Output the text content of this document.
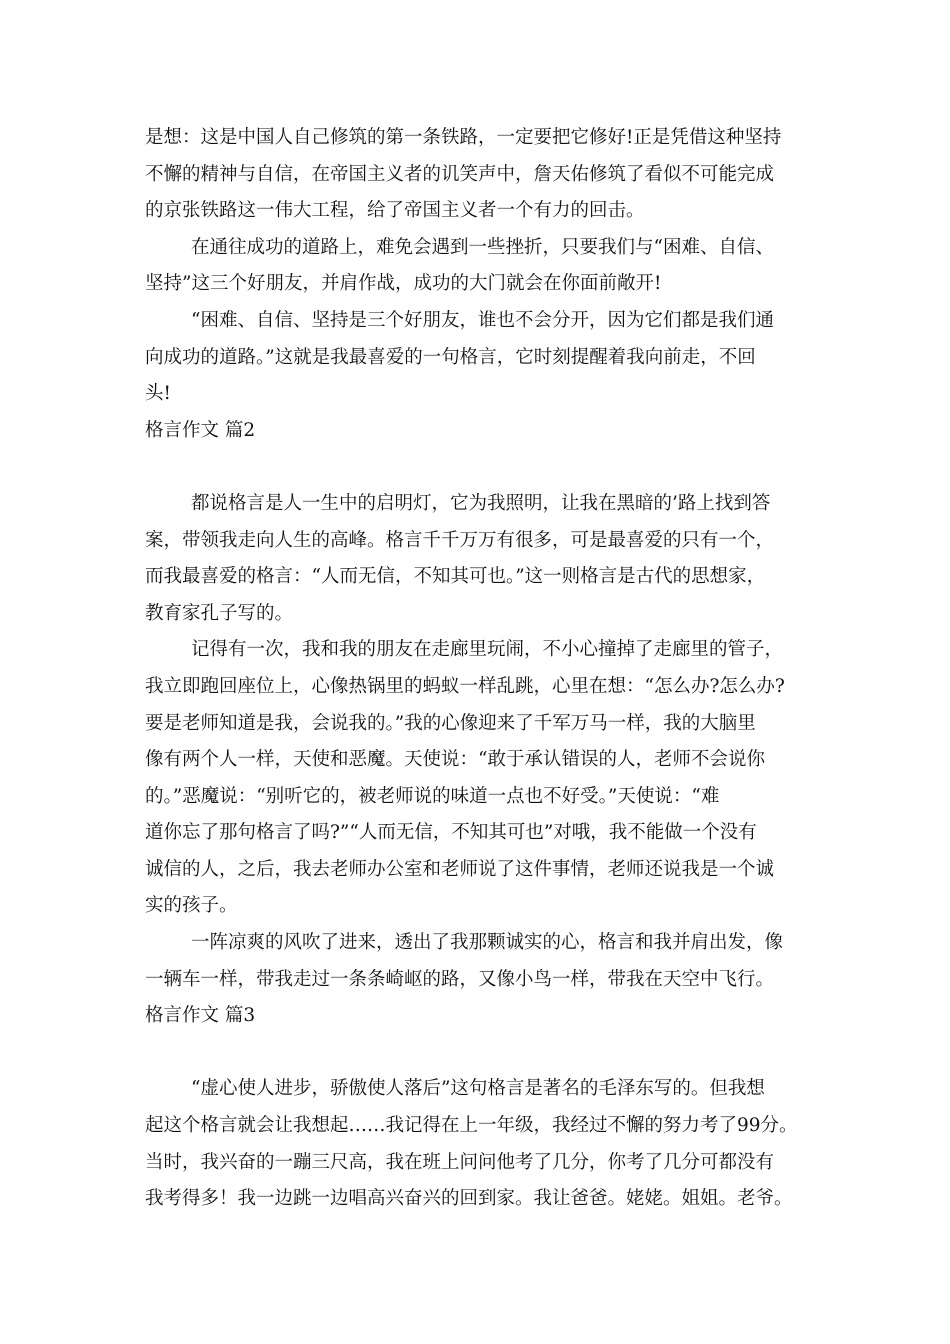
是想：这是中国人自己修筑的第一条铁路，一定要把它修好!正是凭借这种坚持
不懈的精神与自信，在帝国主义者的讥笑声中，詹天佑修筑了看似不可能完成
的京张铁路这一伟大工程，给了帝国主义者一个有力的回击。
在通往成功的道路上，难免会遇到一些挫折，只要我们与“困难、自信、
坚持”这三个好朋友，并肩作战，成功的大门就会在你面前敞开!
“困难、自信、坚持是三个好朋友，谁也不会分开，因为它们都是我们通
向成功的道路。”这就是我最喜爱的一句格言，它时刻提醒着我向前走，不回
头!
格言作文 篇2
都说格言是人一生中的启明灯，它为我照明，让我在黑暗的’路上找到答
案，带领我走向人生的高峰。格言千千万万有很多，可是最喜爱的只有一个，
而我最喜爱的格言：“人而无信，不知其可也。”这一则格言是古代的思想家，
教育家孔子写的。
记得有一次，我和我的朋友在走廊里玩闹，不小心撞掉了走廊里的管子，
我立即跑回座位上，心像热锅里的蚂蚁一样乱跳，心里在想：“怎么办?怎么办?
要是老师知道是我，会说我的。”我的心像迎来了千军万马一样，我的大脑里
像有两个人一样，天使和恶魔。天使说：“敢于承认错误的人，老师不会说你
的。”恶魔说：“别听它的，被老师说的味道一点也不好受。”天使说：“难
道你忘了那句格言了吗?”“人而无信，不知其可也”对哦，我不能做一个没有
诚信的人，之后，我去老师办公室和老师说了这件事情，老师还说我是一个诚
实的孩子。
一阵凉爽的风吹了进来，透出了我那颗诚实的心，格言和我并肩出发，像
一辆车一样，带我走过一条条崎岖的路，又像小鸟一样，带我在天空中飞行。
格言作文 篇3
“虚心使人进步，骄傲使人落后”这句格言是著名的毛泽东写的。但我想
起这个格言就会让我想起……我记得在上一年级，我经过不懈的努力考了99分。
当时，我兴奋的一蹦三尺高，我在班上问问他考了几分，你考了几分可都没有
我考得多！我一边跳一边唱高兴奋兴的回到家。我让爸爸。姥姥。姐姐。老爷。
